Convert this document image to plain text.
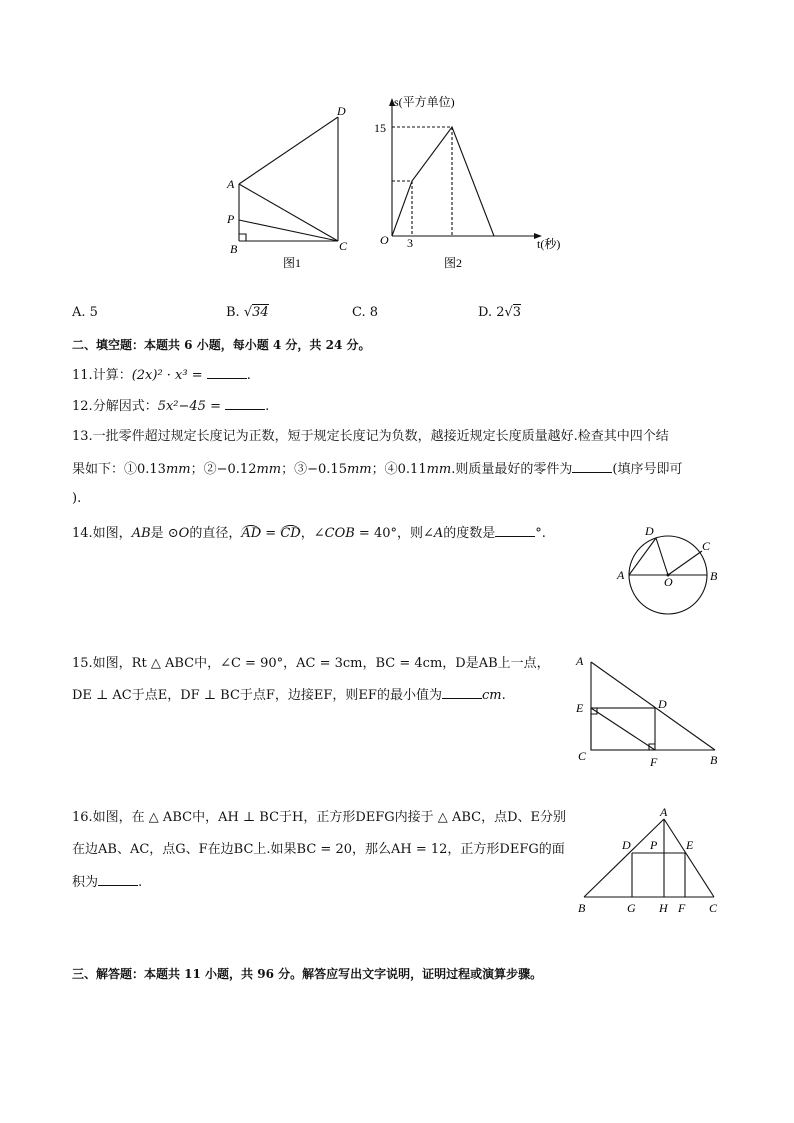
D
A
P
B	C
图1
s(平方单位)
15
O 3	t(秒)
图2
A. 5	B. √34	C. 8	D. 2√3
二、填空题：本题共 6 小题，每小题 4 分，共 24 分。
11.计算：(2x)² · x³ =	.
12.分解因式：5x²−45 =	.
13.一批零件超过规定长度记为正数，短于规定长度记为负数，越接近规定长度质量越好.检查其中四个结
果如下：①0.13mm；②−0.12mm；③−0.15mm；④0.11mm.则质量最好的零件为	(填序号即可
).
14.如图，AB是 ⊙O的直径，AD = CD，∠COB = 40°，则∠A的度数是	°.	D
C
A	O	B
15.如图，Rt △ ABC中，∠C = 90°，AC = 3cm，BC = 4cm，D是AB上一点，
DE ⊥ AC于点E，DF ⊥ BC于点F，边接EF，则EF的最小值为	cm.
A
D
E
C	F	B
16.如图，在 △ ABC中，AH ⊥ BC于H，正方形DEFG内接于 △ ABC，点D、E分别
在边AB、AC，点G、F在边BC上.如果BC = 20，那么AH = 12，正方形DEFG的面
积为	.
A
D P E
B	G H F C
三、解答题：本题共 11 小题，共 96 分。解答应写出文字说明，证明过程或演算步骤。
